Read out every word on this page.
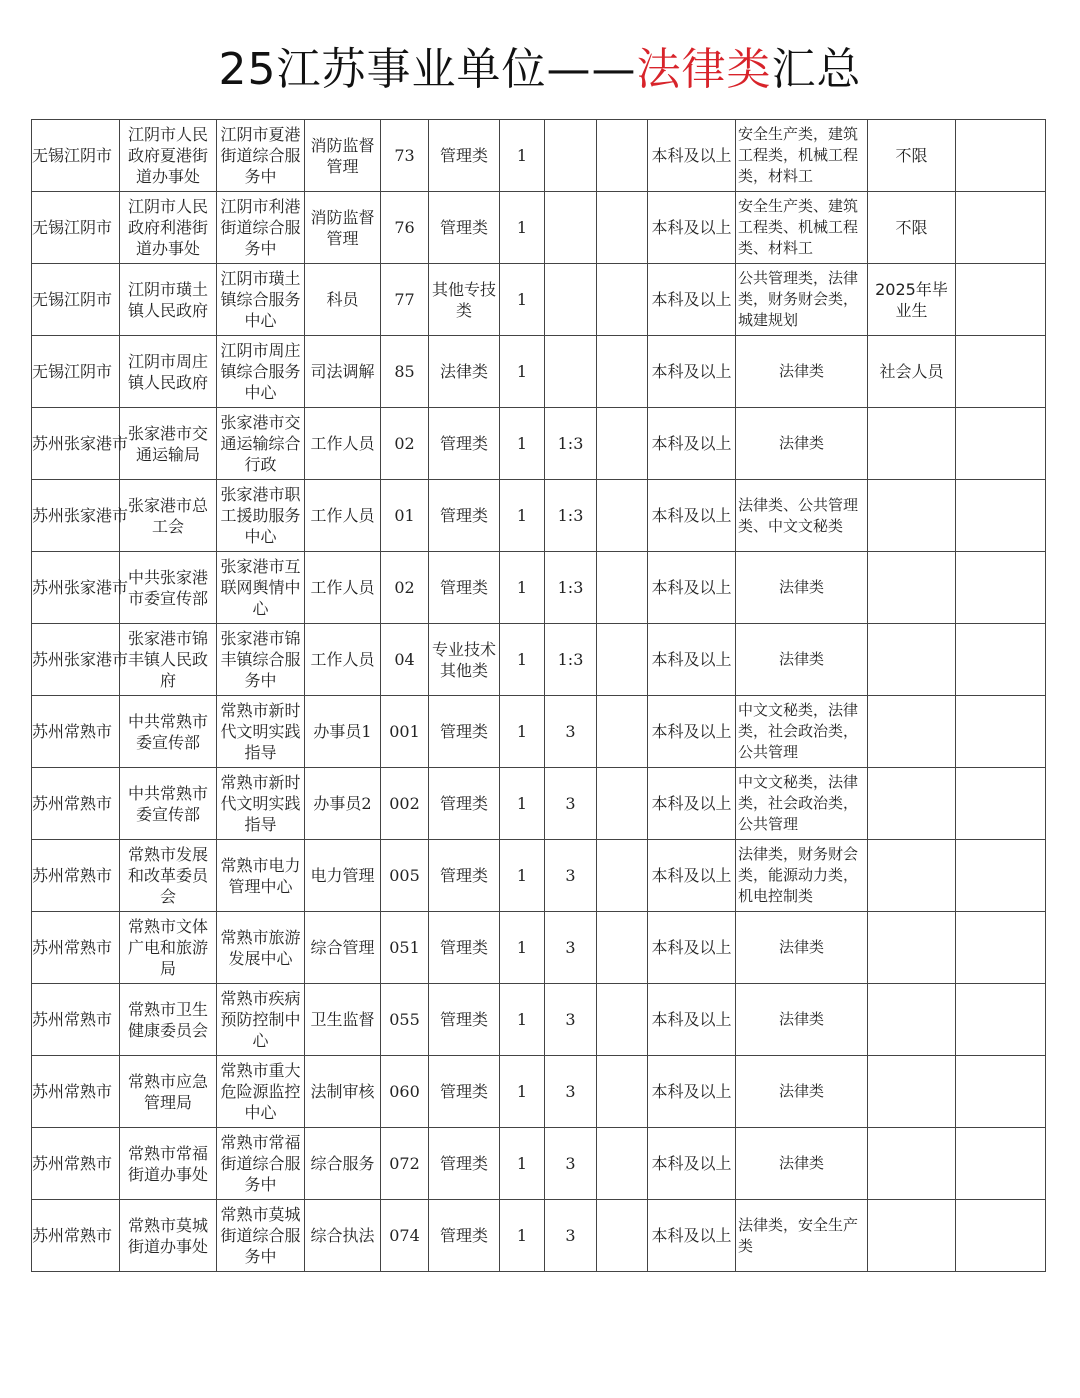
25江苏事业单位——法律类汇总
无锡江阴市	江阴市人民政府夏港街道办事处	江阴市夏港街道综合服务中	消防监督管理	73	管理类	1			本科及以上	安全生产类，建筑工程类，机械工程类，材料工	不限	

无锡江阴市	江阴市人民政府利港街道办事处	江阴市利港街道综合服务中	消防监督管理	76	管理类	1			本科及以上	安全生产类、建筑工程类、机械工程类、材料工	不限	

无锡江阴市	江阴市璜土镇人民政府	江阴市璜土镇综合服务中心	科员	77	其他专技类	1			本科及以上	公共管理类，法律类，财务财会类，城建规划	2025年毕业生	

无锡江阴市	江阴市周庄镇人民政府	江阴市周庄镇综合服务中心	司法调解	85	法律类	1			本科及以上	法律类	社会人员	

苏州张家港市	张家港市交通运输局	张家港市交通运输综合行政	工作人员	02	管理类	1	1:3		本科及以上	法律类		

苏州张家港市	张家港市总工会	张家港市职工援助服务中心	工作人员	01	管理类	1	1:3		本科及以上	法律类、公共管理类、中文文秘类		

苏州张家港市	中共张家港市委宣传部	张家港市互联网舆情中心	工作人员	02	管理类	1	1:3		本科及以上	法律类		

苏州张家港市	张家港市锦丰镇人民政府	张家港市锦丰镇综合服务中	工作人员	04	专业技术其他类	1	1:3		本科及以上	法律类		

苏州常熟市	中共常熟市委宣传部	常熟市新时代文明实践指导	办事员1	001	管理类	1	3		本科及以上	中文文秘类，法律类，社会政治类，公共管理		

苏州常熟市	中共常熟市委宣传部	常熟市新时代文明实践指导	办事员2	002	管理类	1	3		本科及以上	中文文秘类，法律类，社会政治类，公共管理		

苏州常熟市	常熟市发展和改革委员会	常熟市电力管理中心	电力管理	005	管理类	1	3		本科及以上	法律类，财务财会类，能源动力类，机电控制类		

苏州常熟市	常熟市文体广电和旅游局	常熟市旅游发展中心	综合管理	051	管理类	1	3		本科及以上	法律类		

苏州常熟市	常熟市卫生健康委员会	常熟市疾病预防控制中心	卫生监督	055	管理类	1	3		本科及以上	法律类		

苏州常熟市	常熟市应急管理局	常熟市重大危险源监控中心	法制审核	060	管理类	1	3		本科及以上	法律类		

苏州常熟市	常熟市常福街道办事处	常熟市常福街道综合服务中	综合服务	072	管理类	1	3		本科及以上	法律类		

苏州常熟市	常熟市莫城街道办事处	常熟市莫城街道综合服务中	综合执法	074	管理类	1	3		本科及以上	法律类，安全生产类		
